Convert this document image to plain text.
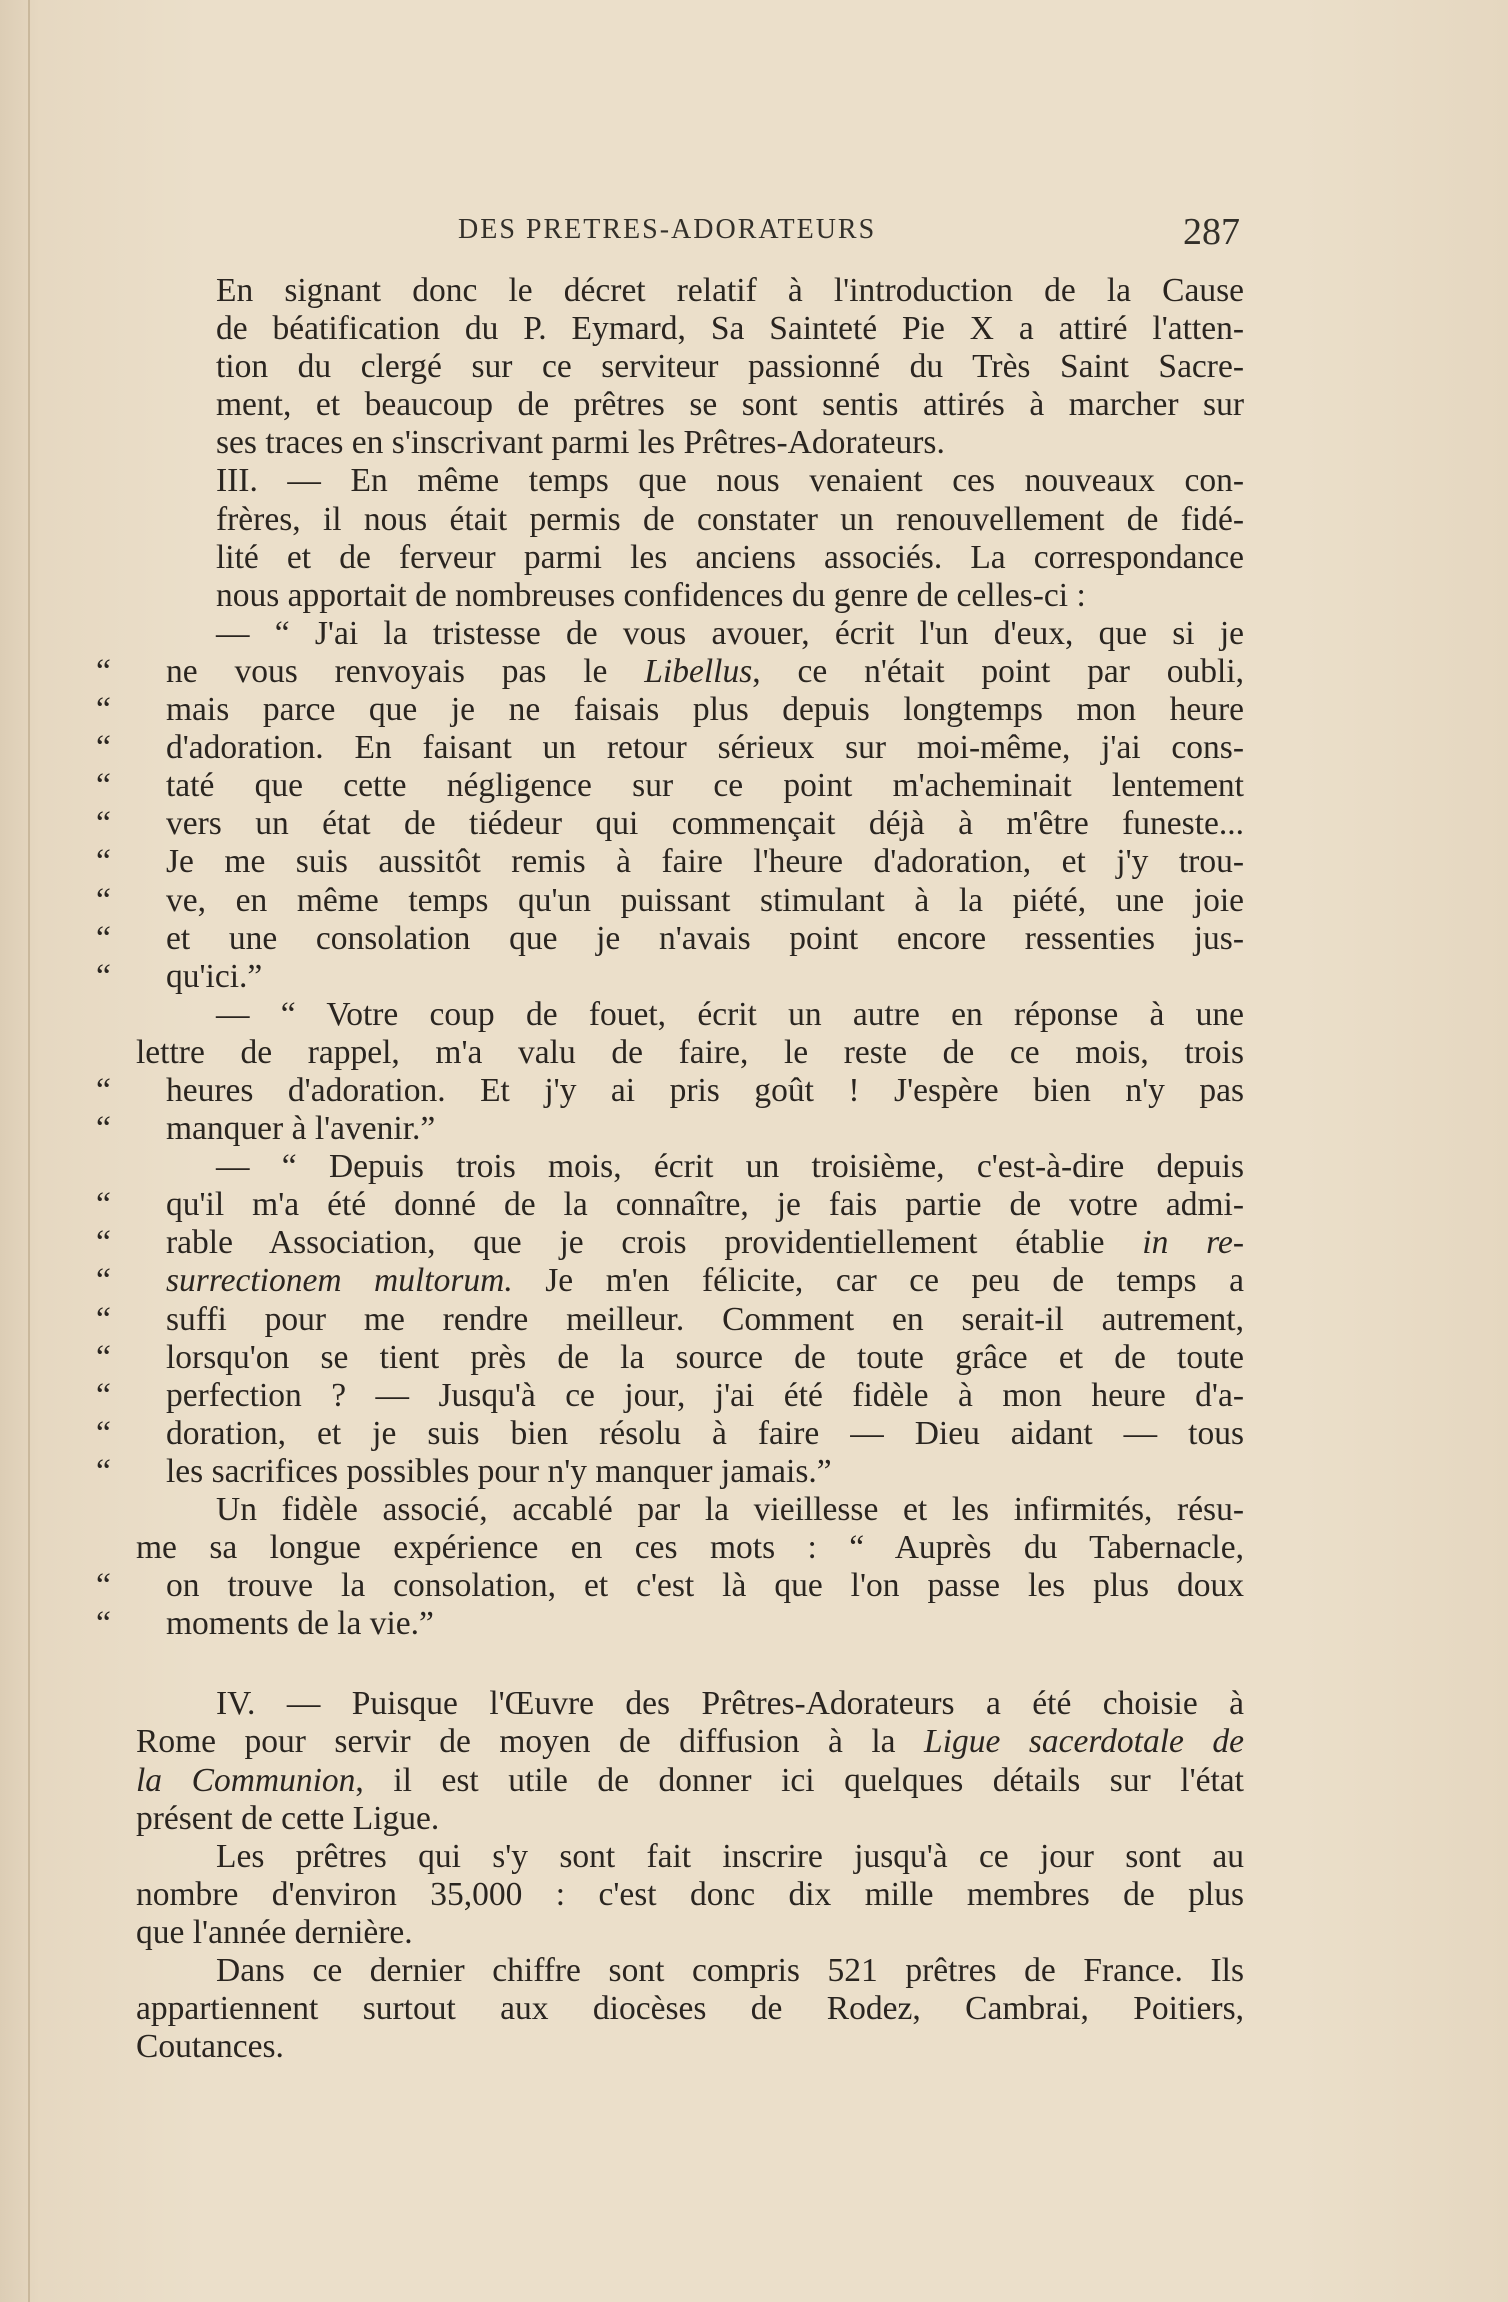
DES PRETRES-ADORATEURS	287

En signant donc le décret relatif à l'introduction de la Cause
de béatification du P. Eymard, Sa Sainteté Pie X a attiré l'atten-
tion du clergé sur ce serviteur passionné du Très Saint Sacre-
ment, et beaucoup de prêtres se sont sentis attirés à marcher sur
ses traces en s'inscrivant parmi les Prêtres-Adorateurs.

III. — En même temps que nous venaient ces nouveaux con-
frères, il nous était permis de constater un renouvellement de fidé-
lité et de ferveur parmi les anciens associés. La correspondance
nous apportait de nombreuses confidences du genre de celles-ci :

— “ J'ai la tristesse de vous avouer, écrit l'un d'eux, que si je
“ ne vous renvoyais pas le Libellus, ce n'était point par oubli,
“ mais parce que je ne faisais plus depuis longtemps mon heure
“ d'adoration. En faisant un retour sérieux sur moi-même, j'ai cons-
“ taté que cette négligence sur ce point m'acheminait lentement
“ vers un état de tiédeur qui commençait déjà à m'être funeste...
“ Je me suis aussitôt remis à faire l'heure d'adoration, et j'y trou-
“ ve, en même temps qu'un puissant stimulant à la piété, une joie
“ et une consolation que je n'avais point encore ressenties jus-
“ qu'ici.”

— “ Votre coup de fouet, écrit un autre en réponse à une
lettre de rappel, m'a valu de faire, le reste de ce mois, trois
“ heures d'adoration. Et j'y ai pris goût ! J'espère bien n'y pas
“ manquer à l'avenir.”

— “ Depuis trois mois, écrit un troisième, c'est-à-dire depuis
“ qu'il m'a été donné de la connaître, je fais partie de votre admi-
“ rable Association, que je crois providentiellement établie in re-
“ surrectionem multorum. Je m'en félicite, car ce peu de temps a
“ suffi pour me rendre meilleur. Comment en serait-il autrement,
“ lorsqu'on se tient près de la source de toute grâce et de toute
“ perfection ? — Jusqu'à ce jour, j'ai été fidèle à mon heure d'a-
“ doration, et je suis bien résolu à faire — Dieu aidant — tous
“ les sacrifices possibles pour n'y manquer jamais.”

Un fidèle associé, accablé par la vieillesse et les infirmités, résu-
me sa longue expérience en ces mots : “ Auprès du Tabernacle,
“ on trouve la consolation, et c'est là que l'on passe les plus doux
“ moments de la vie.”

IV. — Puisque l'Œuvre des Prêtres-Adorateurs a été choisie à
Rome pour servir de moyen de diffusion à la Ligue sacerdotale de
la Communion, il est utile de donner ici quelques détails sur l'état
présent de cette Ligue.

Les prêtres qui s'y sont fait inscrire jusqu'à ce jour sont au
nombre d'environ 35,000 : c'est donc dix mille membres de plus
que l'année dernière.

Dans ce dernier chiffre sont compris 521 prêtres de France. Ils
appartiennent surtout aux diocèses de Rodez, Cambrai, Poitiers,
Coutances.
